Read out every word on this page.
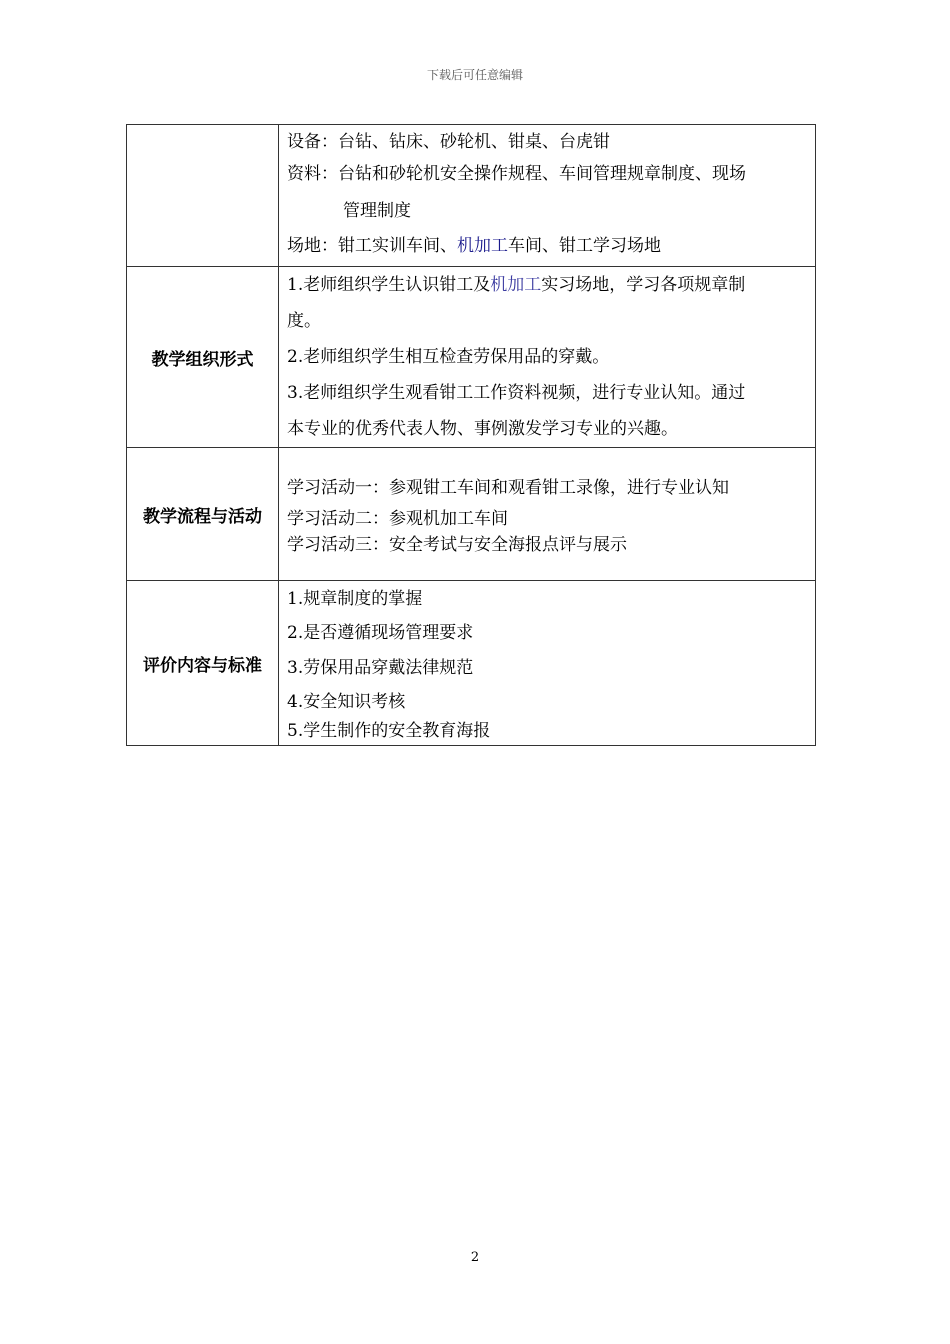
下载后可任意编辑

	设备：台钻、钻床、砂轮机、钳桌、台虎钳
资料：台钻和砂轮机安全操作规程、车间管理规章制度、现场
管理制度
场地：钳工实训车间、机加工车间、钳工学习场地

教学组织形式	1.老师组织学生认识钳工及机加工实习场地，学习各项规章制
度。
2.老师组织学生相互检查劳保用品的穿戴。
3.老师组织学生观看钳工工作资料视频，进行专业认知。通过
本专业的优秀代表人物、事例激发学习专业的兴趣。

教学流程与活动	学习活动一：参观钳工车间和观看钳工录像，进行专业认知
学习活动二：参观机加工车间
学习活动三：安全考试与安全海报点评与展示

评价内容与标准	1.规章制度的掌握
2.是否遵循现场管理要求
3.劳保用品穿戴法律规范
4.安全知识考核
5.学生制作的安全教育海报
2
